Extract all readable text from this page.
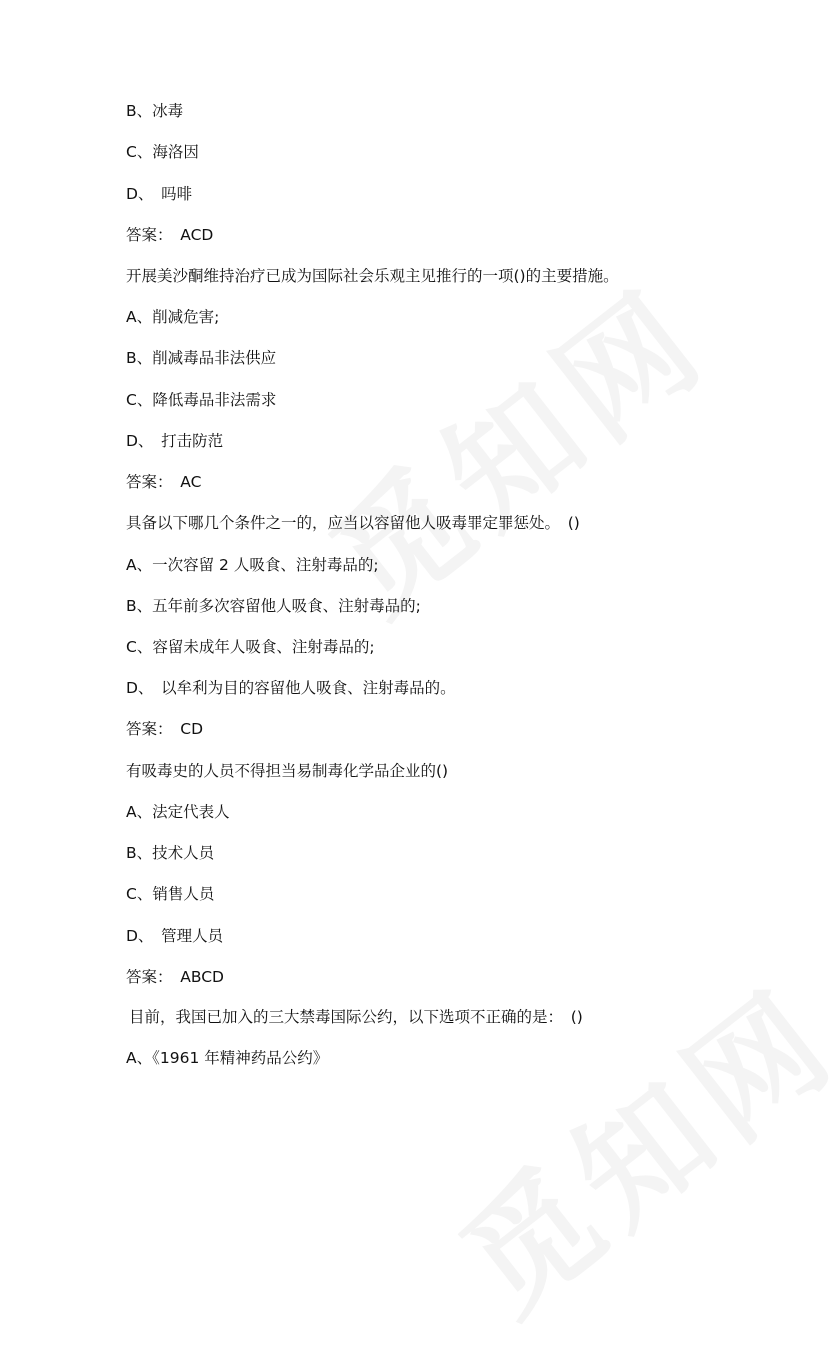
B、冰毒
C、海洛因
D、　吗啡
答案：　ACD
开展美沙酮维持治疗已成为国际社会乐观主见推行的一项()的主要措施。
A、削减危害;
B、削减毒品非法供应
C、降低毒品非法需求
D、　打击防范
答案：　AC
具备以下哪几个条件之一的，应当以容留他人吸毒罪定罪惩处。　()
A、一次容留 2 人吸食、注射毒品的;
B、五年前多次容留他人吸食、注射毒品的;
C、容留未成年人吸食、注射毒品的;
D、　以牟利为目的容留他人吸食、注射毒品的。
答案：　CD
有吸毒史的人员不得担当易制毒化学品企业的()
A、法定代表人
B、技术人员
C、销售人员
D、　管理人员
答案：　ABCD
目前，我国已加入的三大禁毒国际公约，以下选项不正确的是：　()
A、《1961 年精神药品公约》
